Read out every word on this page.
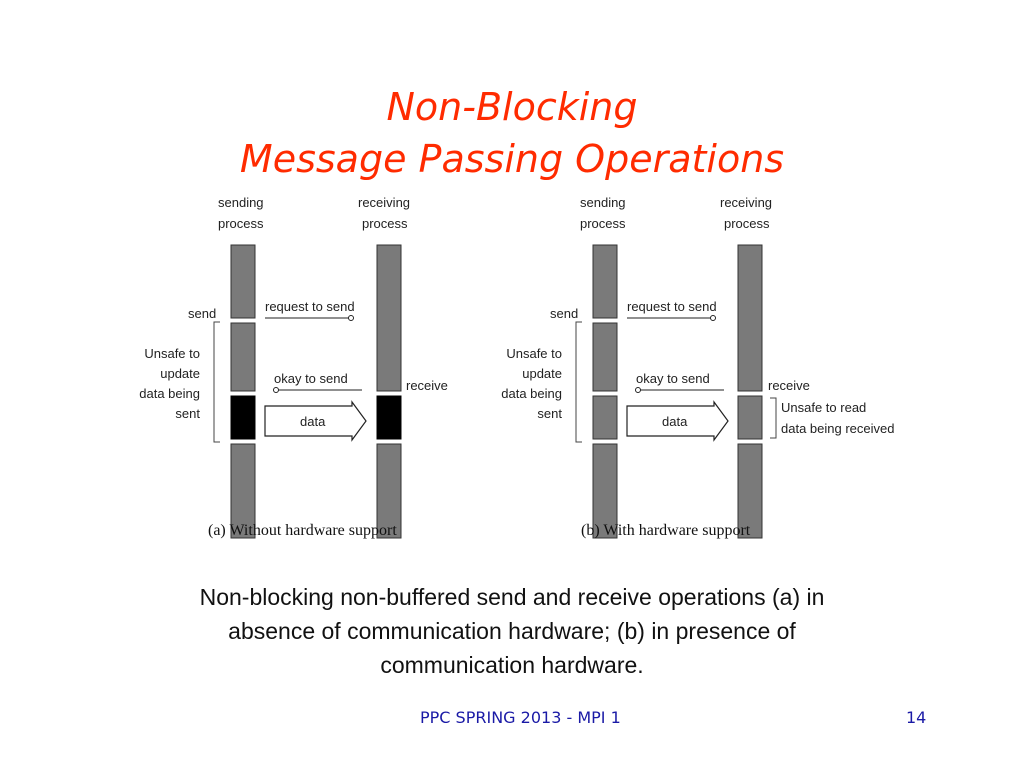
Non-Blocking
Message Passing Operations
sending
process
receiving
process
send	request to send
okay to send	receive
data
Unsafe to
update
data being
sent
(a) Without hardware support
sending
process
receiving
process
send	request to send
okay to send	receive
data
Unsafe to
update
data being
sent	Unsafe to read
data being received
(b) With hardware support
Non-blocking non-buffered send and receive operations (a) in
absence of communication hardware; (b) in presence of
communication hardware.
PPC SPRING 2013 - MPI 1	14
